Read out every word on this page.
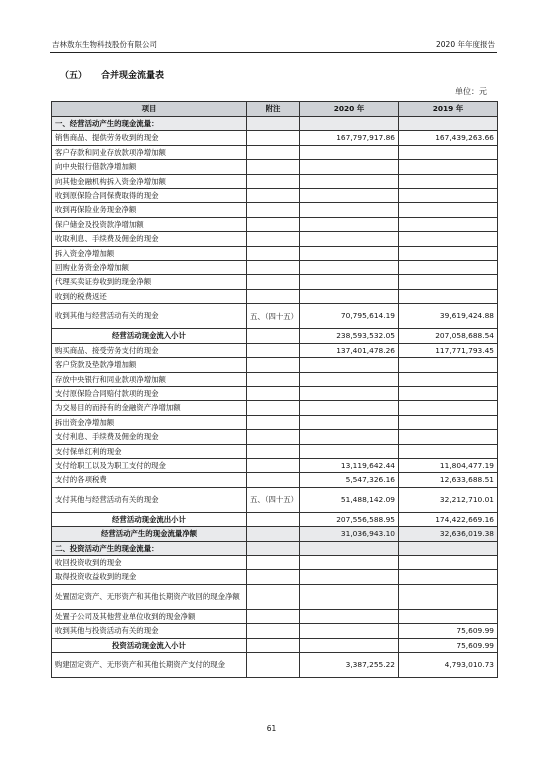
吉林敖东生物科技股份有限公司	2020 年年度报告
（五） 合并现金流量表
单位：元
项目	附注	2020 年	2019 年
一、经营活动产生的现金流量：			
销售商品、提供劳务收到的现金		167,797,917.86	167,439,263.66
客户存款和同业存放款项净增加额			
向中央银行借款净增加额			
向其他金融机构拆入资金净增加额			
收到原保险合同保费取得的现金			
收到再保险业务现金净额			
保户储金及投资款净增加额			
收取利息、手续费及佣金的现金			
拆入资金净增加额			
回购业务资金净增加额			
代理买卖证券收到的现金净额			
收到的税费返还			
收到其他与经营活动有关的现金	五、（四十五）	70,795,614.19	39,619,424.88
经营活动现金流入小计		238,593,532.05	207,058,688.54
购买商品、接受劳务支付的现金		137,401,478.26	117,771,793.45
客户贷款及垫款净增加额			
存放中央银行和同业款项净增加额			
支付原保险合同赔付款项的现金			
为交易目的而持有的金融资产净增加额			
拆出资金净增加额			
支付利息、手续费及佣金的现金			
支付保单红利的现金			
支付给职工以及为职工支付的现金		13,119,642.44	11,804,477.19
支付的各项税费		5,547,326.16	12,633,688.51
支付其他与经营活动有关的现金	五、（四十五）	51,488,142.09	32,212,710.01
经营活动现金流出小计		207,556,588.95	174,422,669.16
经营活动产生的现金流量净额		31,036,943.10	32,636,019.38
二、投资活动产生的现金流量：			
收回投资收到的现金			
取得投资收益收到的现金			
处置固定资产、无形资产和其他长期资产收回的现金净额			
处置子公司及其他营业单位收到的现金净额			
收到其他与投资活动有关的现金			75,609.99
投资活动现金流入小计			75,609.99
购建固定资产、无形资产和其他长期资产支付的现金		3,387,255.22	4,793,010.73
61
